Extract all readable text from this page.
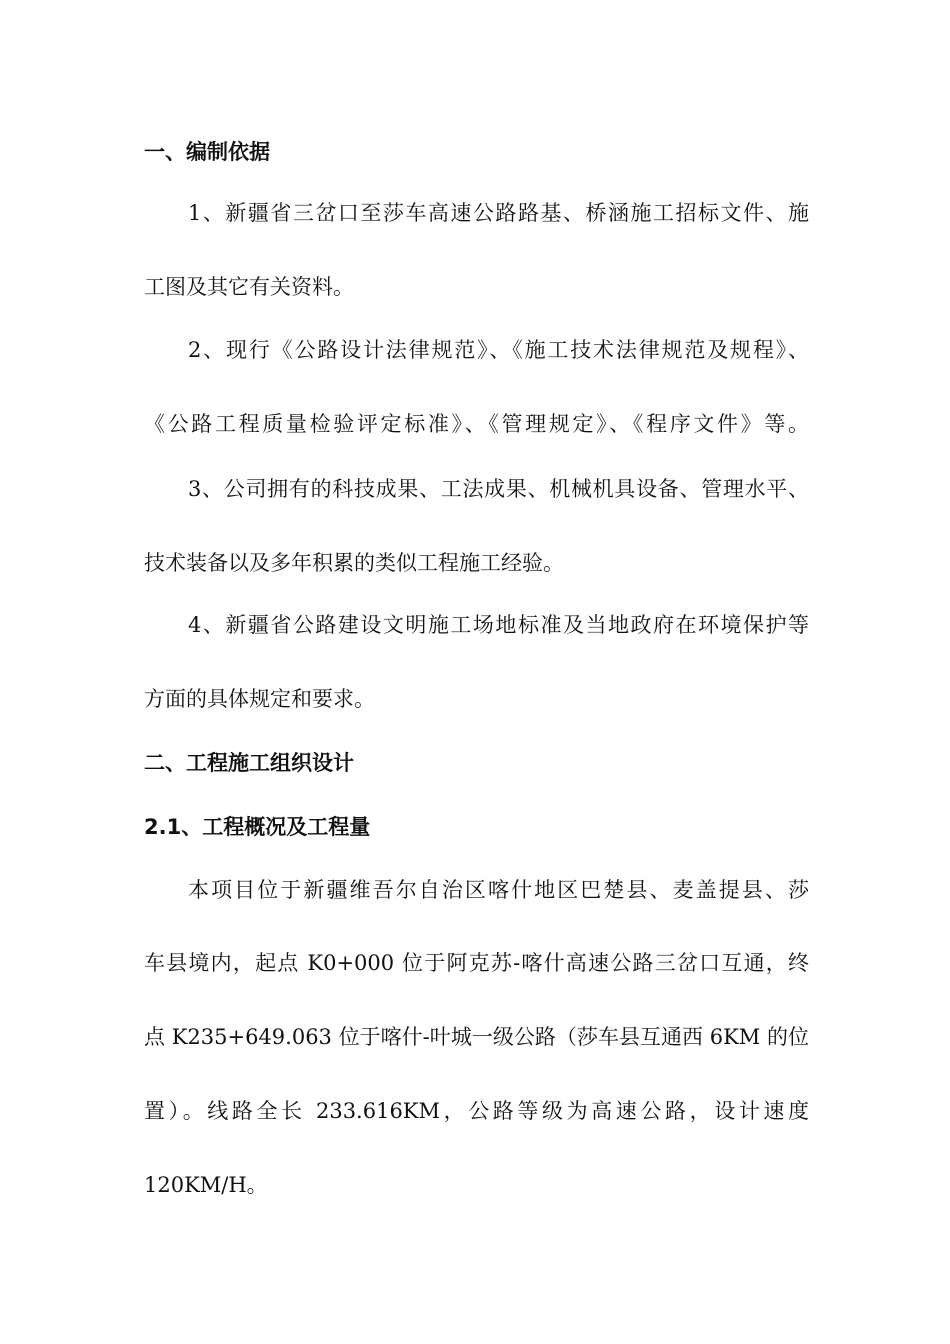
一、编制依据
1、新疆省三岔口至莎车高速公路路基、桥涵施工招标文件、施
工图及其它有关资料。
2、现行《公路设计法律规范》、《施工技术法律规范及规程》、
《公路工程质量检验评定标准》、《管理规定》、《程序文件》等。
3、公司拥有的科技成果、工法成果、机械机具设备、管理水平、
技术装备以及多年积累的类似工程施工经验。
4、新疆省公路建设文明施工场地标准及当地政府在环境保护等
方面的具体规定和要求。
二、工程施工组织设计
2.1、工程概况及工程量
本项目位于新疆维吾尔自治区喀什地区巴楚县、麦盖提县、莎
车县境内，起点 K0+000 位于阿克苏-喀什高速公路三岔口互通，终
点 K235+649.063 位于喀什-叶城一级公路（莎车县互通西 6KM 的位
置）。线路全长 233.616KM，公路等级为高速公路，设计速度
120KM/H。
